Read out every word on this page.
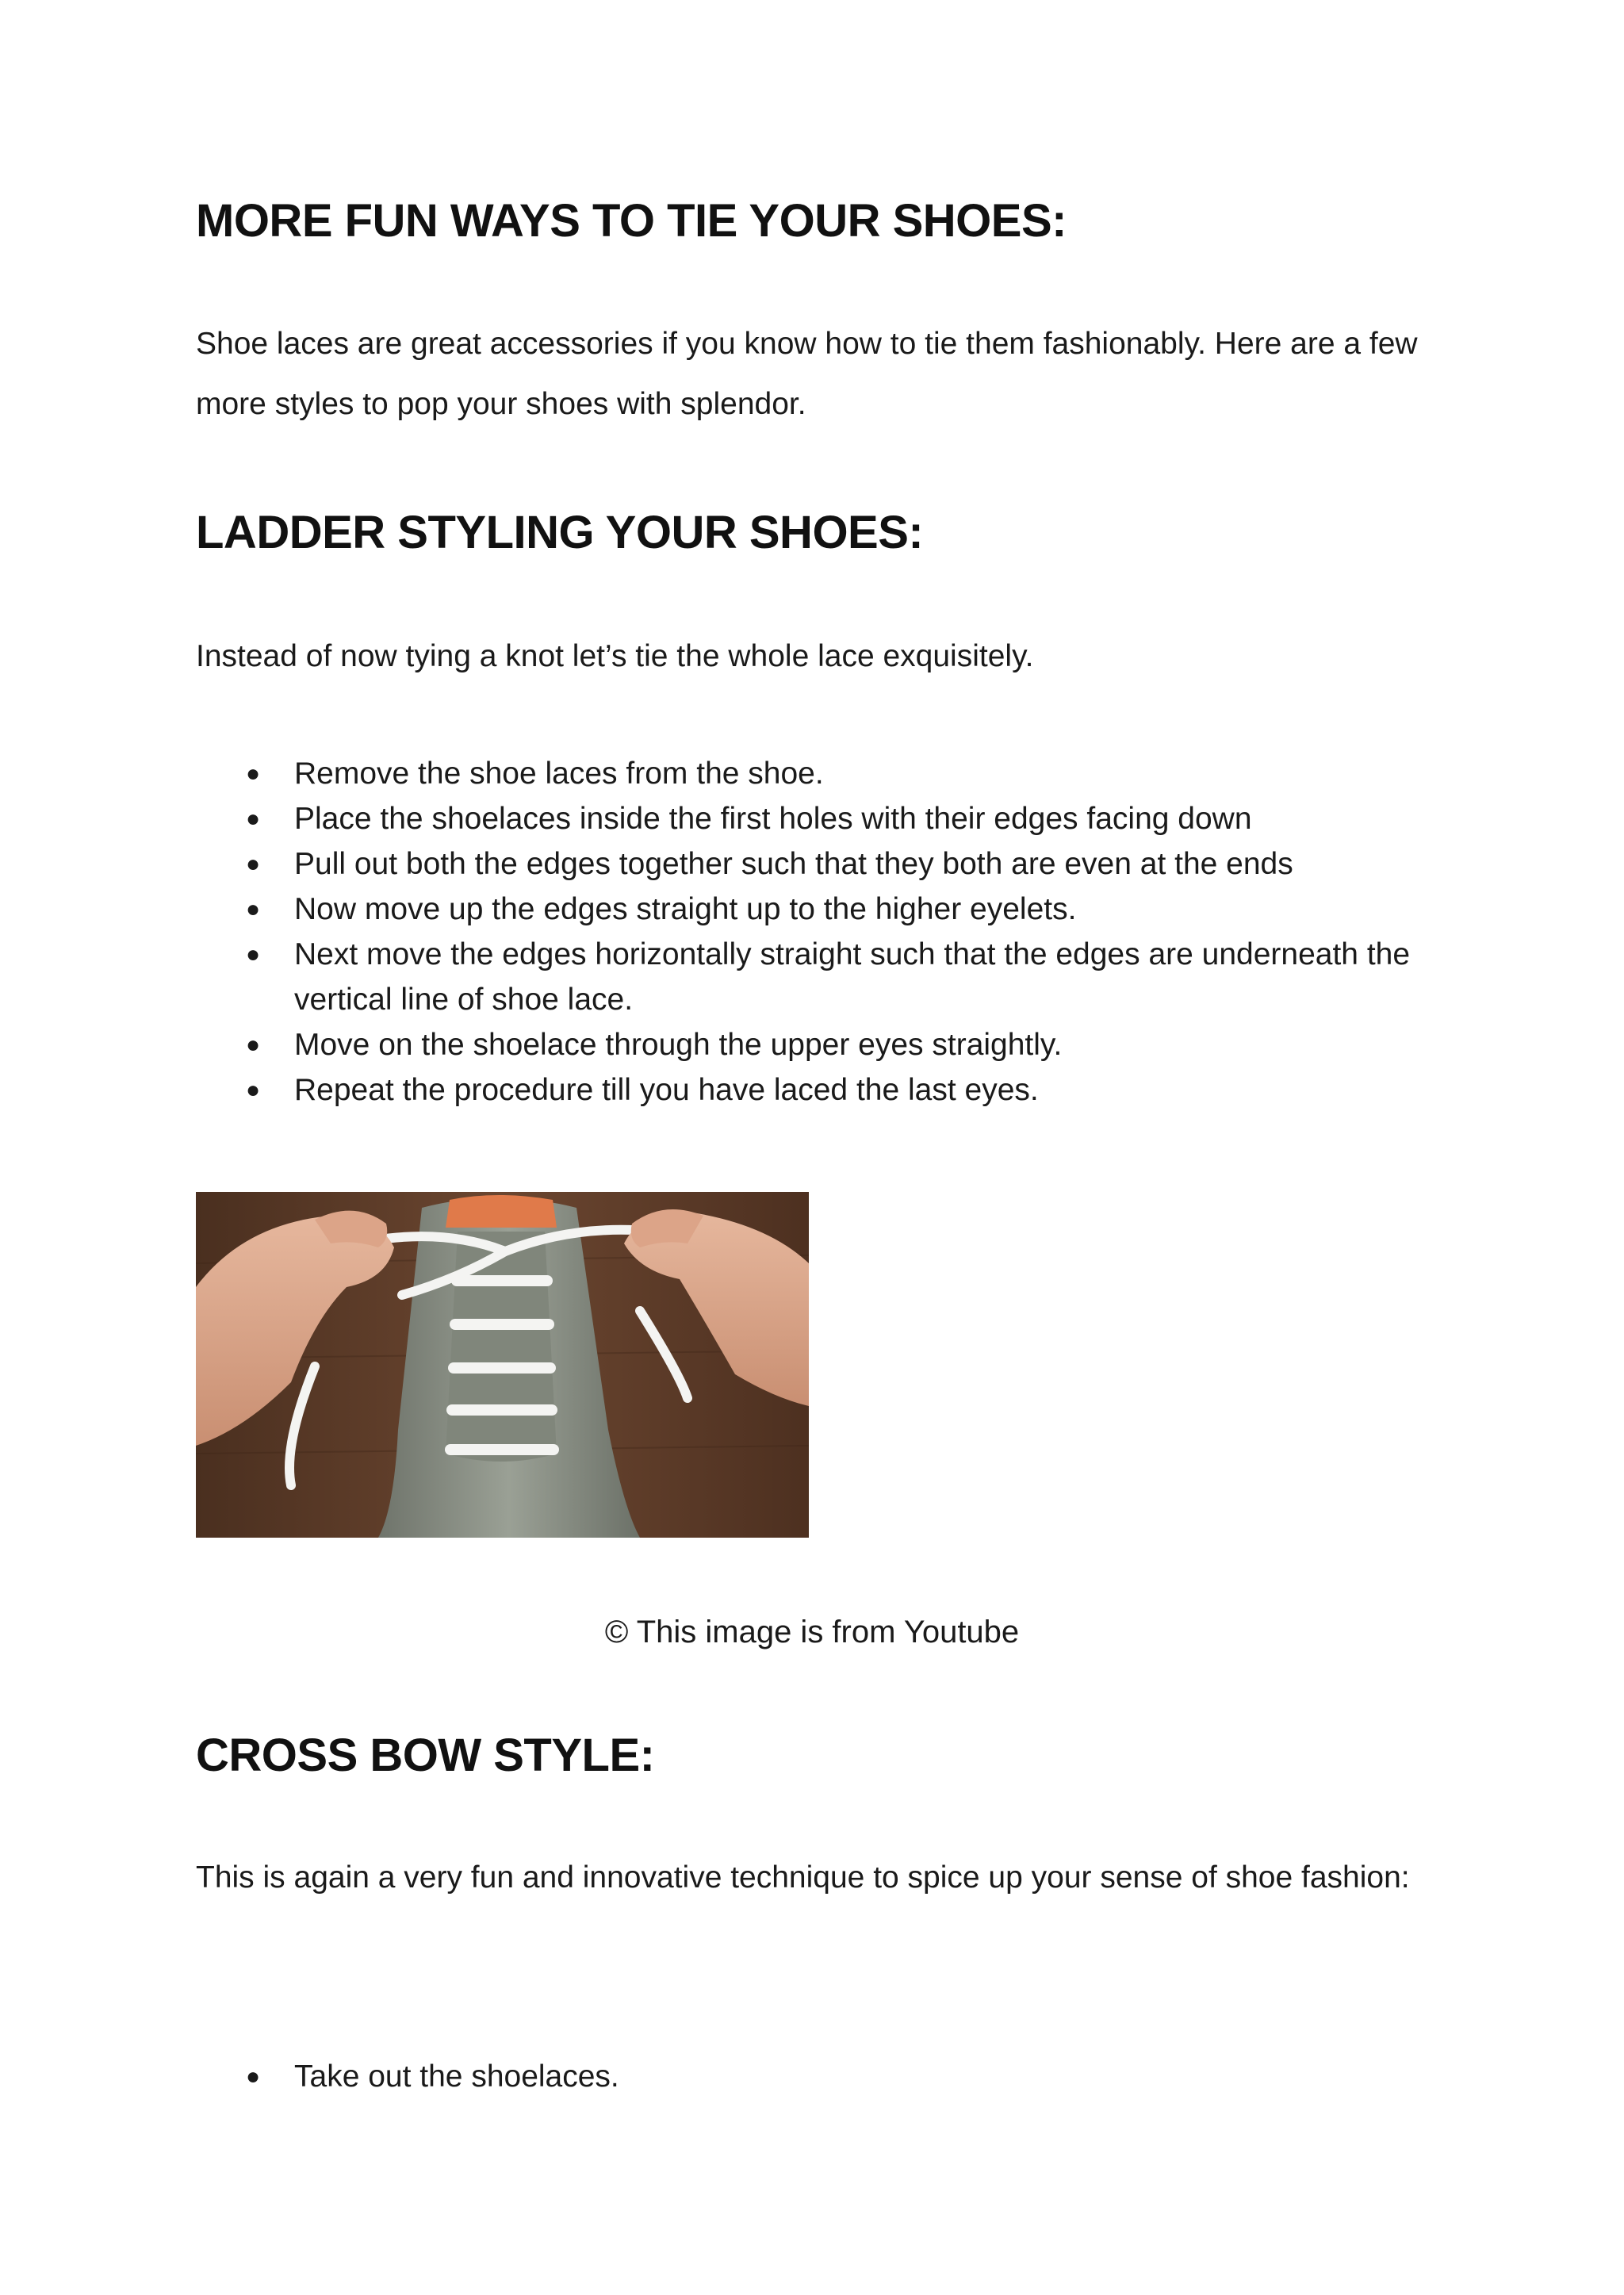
MORE FUN WAYS TO TIE YOUR SHOES:

Shoe laces are great accessories if you know how to tie them fashionably. Here are a few more styles to pop your shoes with splendor.

LADDER STYLING YOUR SHOES:

Instead of now tying a knot let’s tie the whole lace exquisitely.

● Remove the shoe laces from the shoe.
● Place the shoelaces inside the first holes with their edges facing down
● Pull out both the edges together such that they both are even at the ends
● Now move up the edges straight up to the higher eyelets.
● Next move the edges horizontally straight such that the edges are underneath the vertical line of shoe lace.
● Move on the shoelace through the upper eyes straightly.
● Repeat the procedure till you have laced the last eyes.

© This image is from Youtube

CROSS BOW STYLE:

This is again a very fun and innovative technique to spice up your sense of shoe fashion:

● Take out the shoelaces.
